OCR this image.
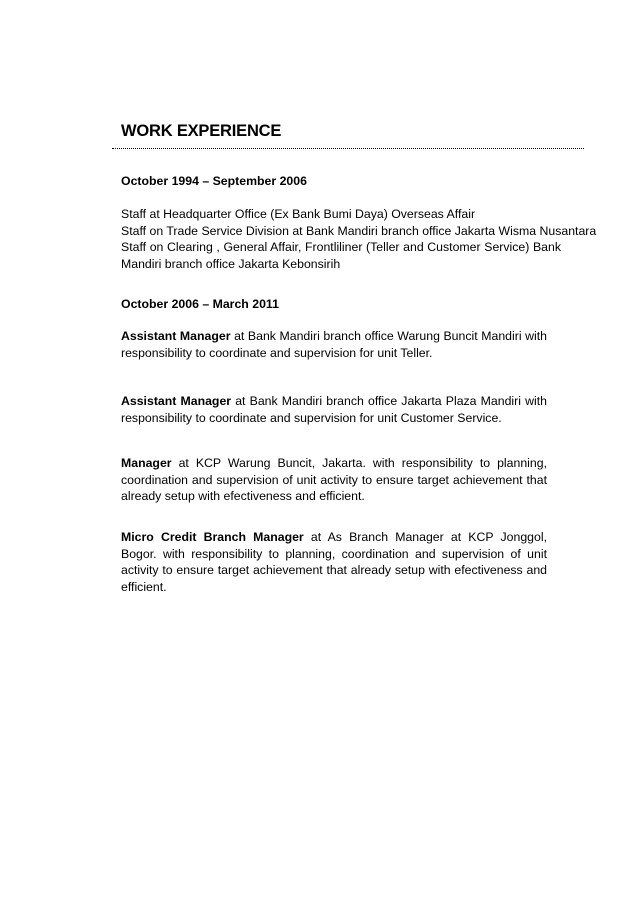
WORK EXPERIENCE
October 1994 – September 2006
Staff at Headquarter Office (Ex Bank Bumi Daya) Overseas Affair
Staff on Trade Service Division at Bank Mandiri branch office Jakarta Wisma Nusantara
Staff on Clearing , General Affair, Frontliliner (Teller and Customer Service) Bank Mandiri branch office Jakarta Kebonsirih
October 2006 – March 2011

Assistant Manager at Bank Mandiri branch office Warung Buncit Mandiri with responsibility to coordinate and supervision for unit Teller.

Assistant Manager at Bank Mandiri branch office Jakarta Plaza Mandiri with responsibility to coordinate and supervision for unit Customer Service.

Manager at KCP Warung Buncit, Jakarta. with responsibility to planning, coordination and supervision of unit activity to ensure target achievement that already setup with efectiveness and efficient.

Micro Credit Branch Manager at As Branch Manager at KCP Jonggol, Bogor. with responsibility to planning, coordination and supervision of unit activity to ensure target achievement that already setup with efectiveness and efficient.
